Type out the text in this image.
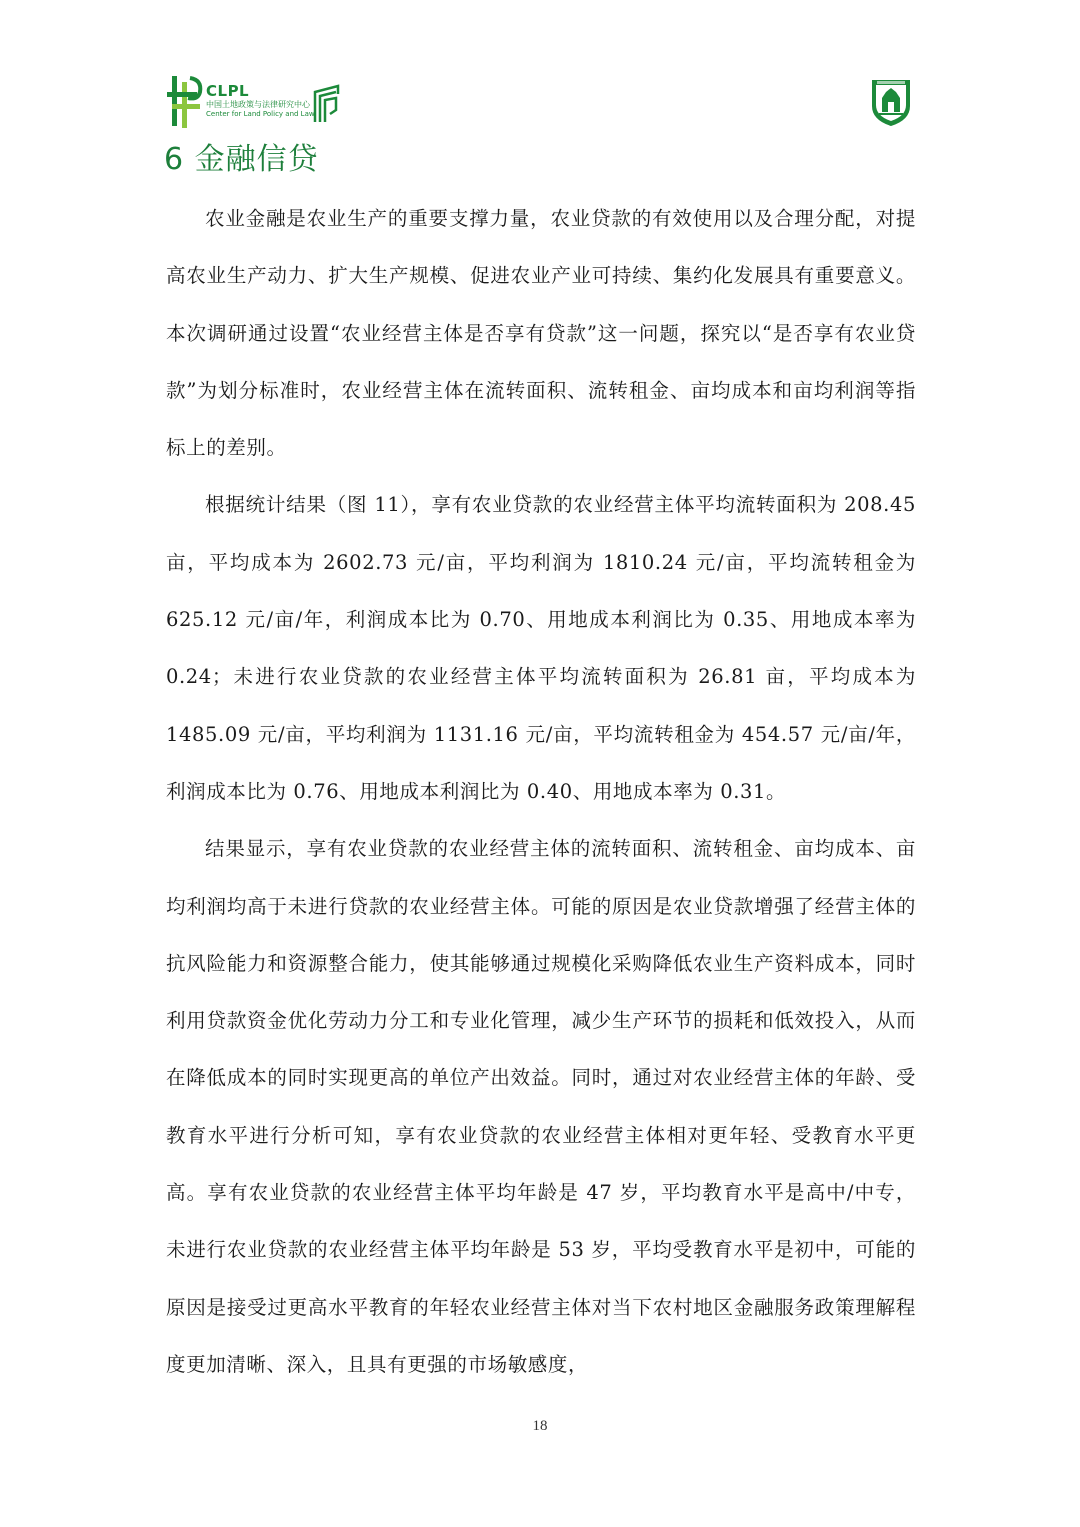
CLPL
中国土地政策与法律研究中心
Center for Land Policy and Law
6 金融信贷

农业金融是农业生产的重要支撑力量，农业贷款的有效使用以及合理分配，对提高农业生产动力、扩大生产规模、促进农业产业可持续、集约化发展具有重要意义。本次调研通过设置“农业经营主体是否享有贷款”这一问题，探究以“是否享有农业贷款”为划分标准时，农业经营主体在流转面积、流转租金、亩均成本和亩均利润等指标上的差别。

根据统计结果（图 11），享有农业贷款的农业经营主体平均流转面积为 208.45 亩，平均成本为 2602.73 元/亩，平均利润为 1810.24 元/亩，平均流转租金为 625.12 元/亩/年，利润成本比为 0.70、用地成本利润比为 0.35、用地成本率为 0.24；未进行农业贷款的农业经营主体平均流转面积为 26.81 亩，平均成本为 1485.09 元/亩，平均利润为 1131.16 元/亩，平均流转租金为 454.57 元/亩/年，利润成本比为 0.76、用地成本利润比为 0.40、用地成本率为 0.31。

结果显示，享有农业贷款的农业经营主体的流转面积、流转租金、亩均成本、亩均利润均高于未进行贷款的农业经营主体。可能的原因是农业贷款增强了经营主体的抗风险能力和资源整合能力，使其能够通过规模化采购降低农业生产资料成本，同时利用贷款资金优化劳动力分工和专业化管理，减少生产环节的损耗和低效投入，从而在降低成本的同时实现更高的单位产出效益。同时，通过对农业经营主体的年龄、受教育水平进行分析可知，享有农业贷款的农业经营主体相对更年轻、受教育水平更高。享有农业贷款的农业经营主体平均年龄是 47 岁，平均教育水平是高中/中专，未进行农业贷款的农业经营主体平均年龄是 53 岁，平均受教育水平是初中，可能的原因是接受过更高水平教育的年轻农业经营主体对当下农村地区金融服务政策理解程度更加清晰、深入，且具有更强的市场敏感度，

18
